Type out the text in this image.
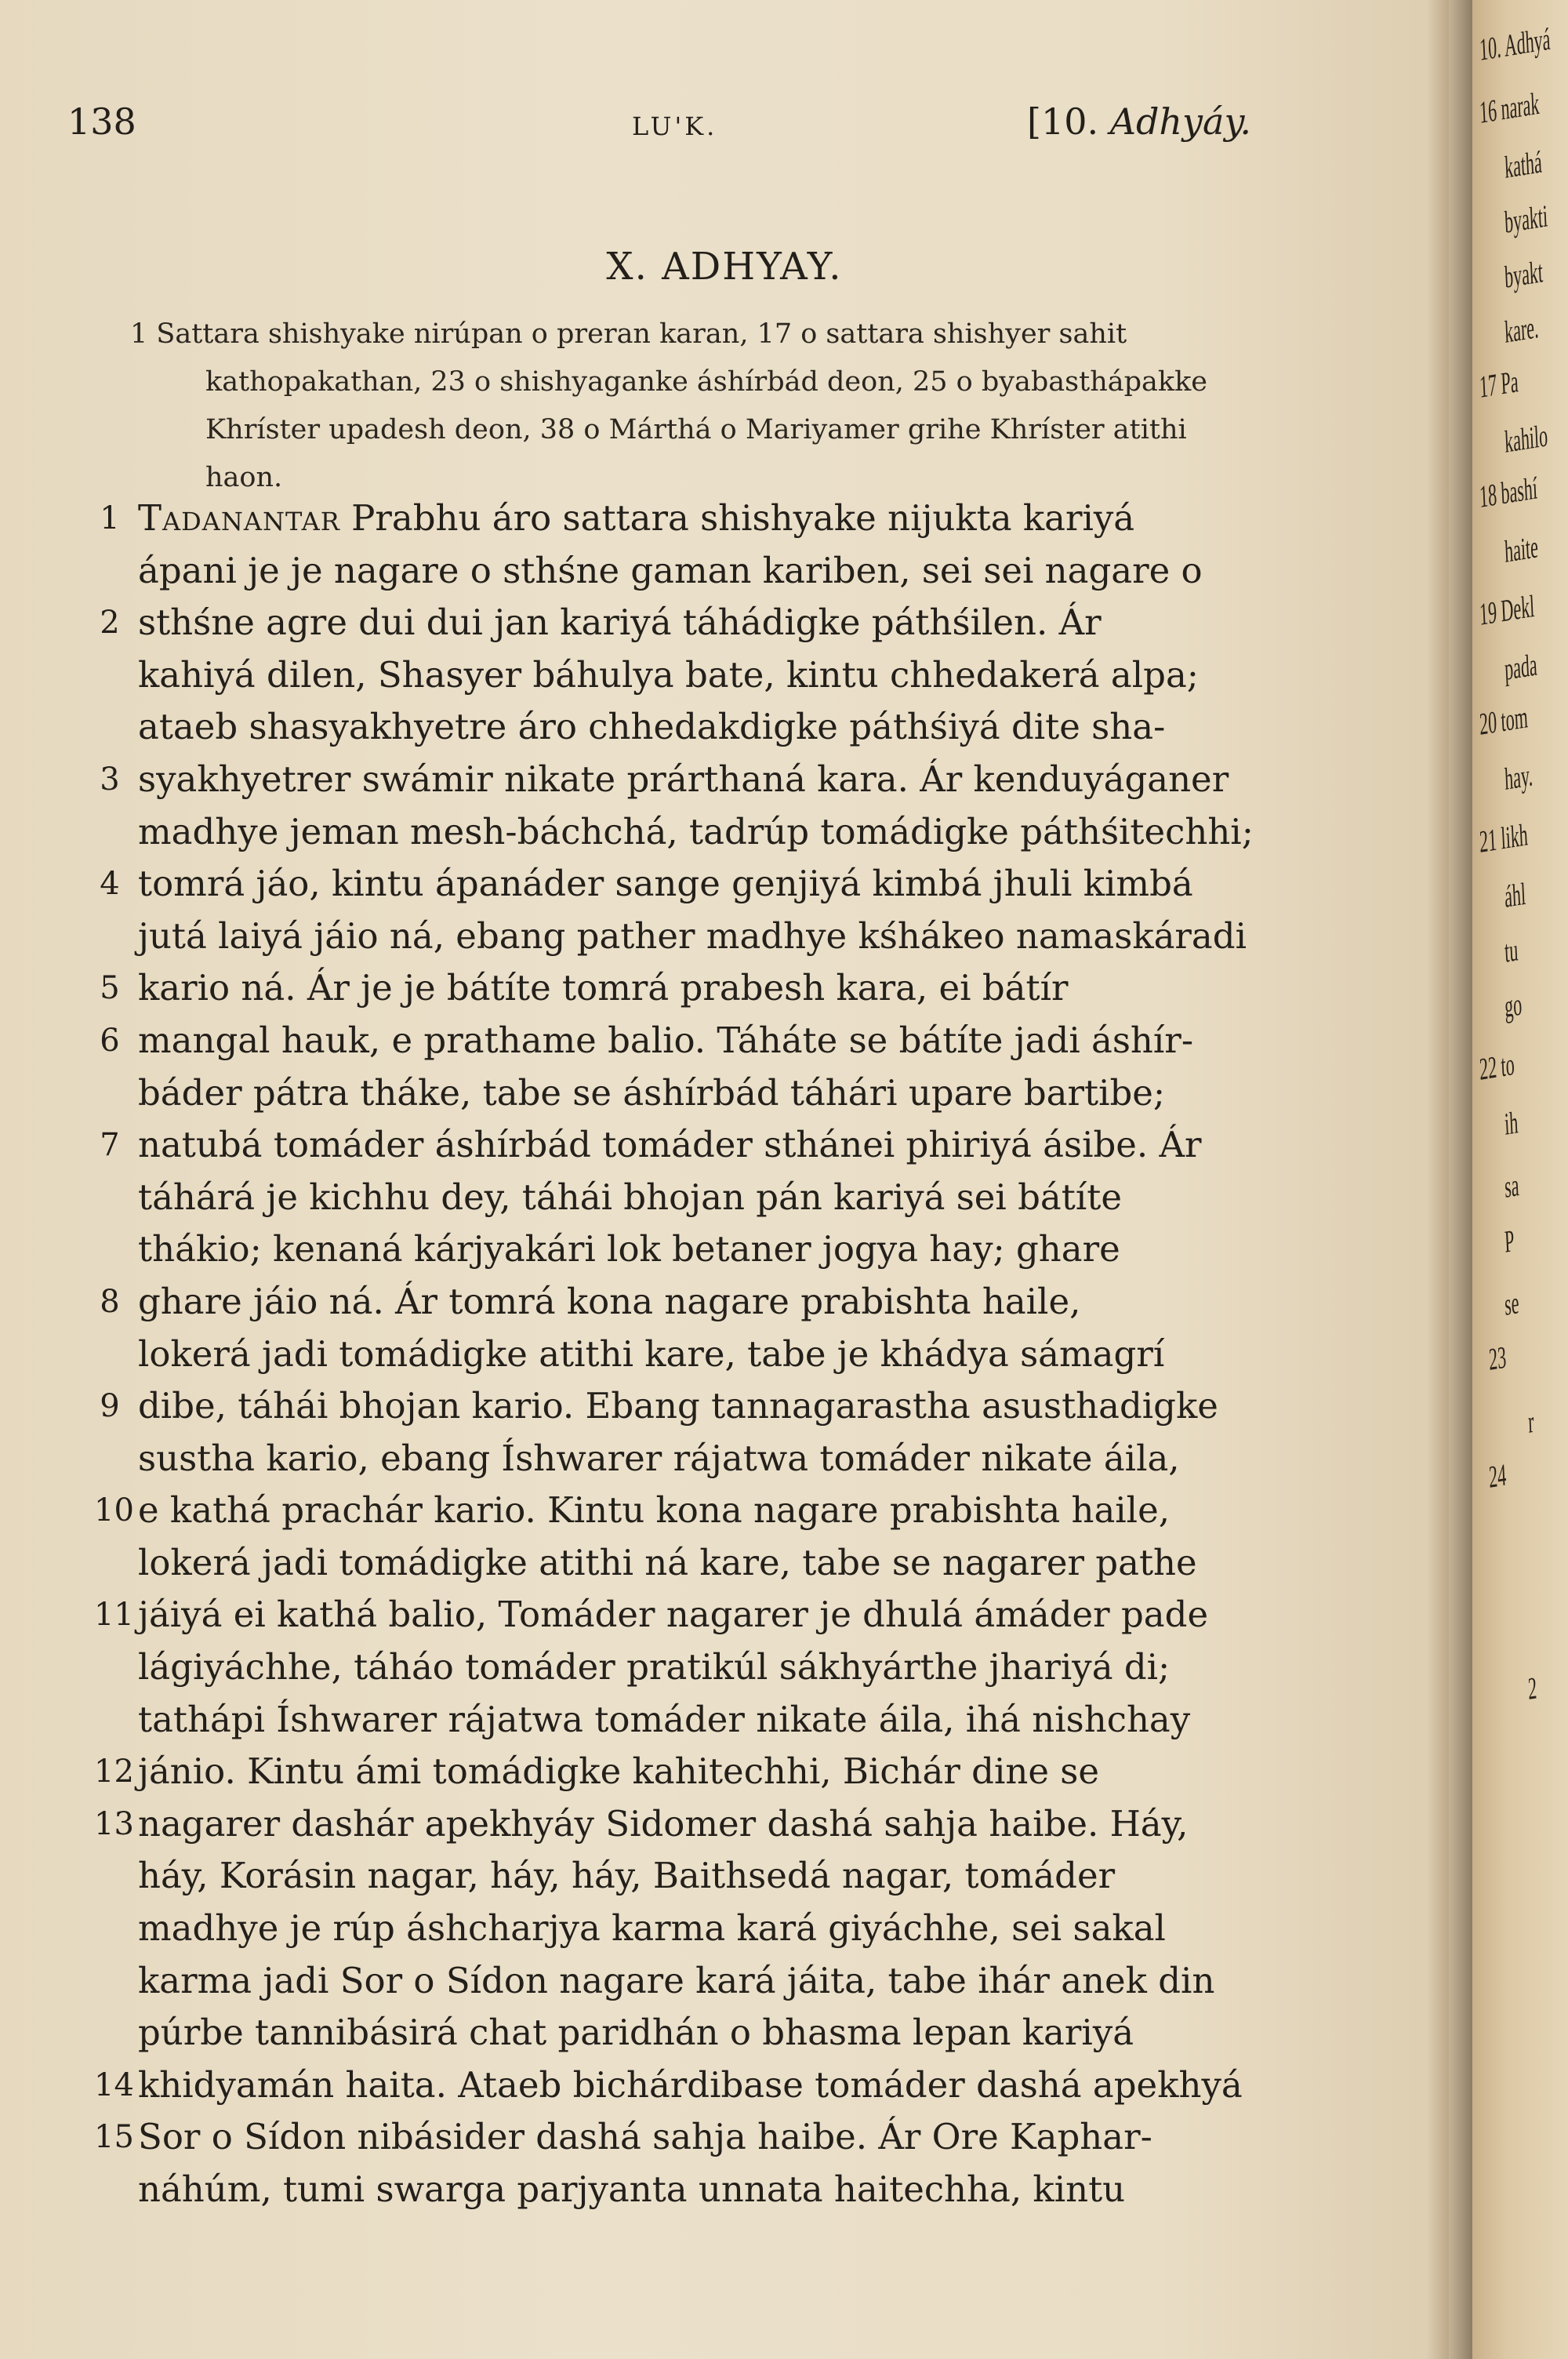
138	LU'K.	[10. Adhyáy.
X. ADHYAY.
1 Sattara shishyake nirúpan o preran karan, 17 o sattara shishyer sahit
kathopakathan, 23 o shishyaganke áshírbád deon, 25 o byabasthápakke
Khríster upadesh deon, 38 o Márthá o Mariyamer grihe Khríster atithi
haon.
1 Tadanantar Prabhu áro sattara shishyake nijukta kariyá
ápani je je nagare o sthśne gaman kariben, sei sei nagare o
2 sthśne agre dui dui jan kariyá táhádigke páthśilen. Ár
kahiyá dilen, Shasyer báhulya bate, kintu chhedakerá alpa;
ataeb shasyakhyetre áro chhedakdigke páthśiyá dite sha-
3 syakhyetrer swámir nikate prárthaná kara. Ár kenduyáganer
madhye jeman mesh-báchchá, tadrúp tomádigke páthśitechhi;
4 tomrá jáo, kintu ápanáder sange genjiyá kimbá jhuli kimbá
jutá laiyá jáio ná, ebang pather madhye kśhákeo namaskáradi
5 kario ná. Ár je je bátíte tomrá prabesh kara, ei bátír
6 mangal hauk, e prathame balio. Táháte se bátíte jadi áshír-
báder pátra tháke, tabe se áshírbád táhári upare bartibe;
7 natubá tomáder áshírbád tomáder sthánei phiriyá ásibe. Ár
táhárá je kichhu dey, táhái bhojan pán kariyá sei bátíte
thákio; kenaná kárjyakári lok betaner jogya hay; ghare
8 ghare jáio ná. Ár tomrá kona nagare prabishta haile,
lokerá jadi tomádigke atithi kare, tabe je khádya sámagrí
9 dibe, táhái bhojan kario. Ebang tannagarastha asusthadigke
sustha kario, ebang Íshwarer rájatwa tomáder nikate áila,
10 e kathá prachár kario. Kintu kona nagare prabishta haile,
lokerá jadi tomádigke atithi ná kare, tabe se nagarer pathe
11 jáiyá ei kathá balio, Tomáder nagarer je dhulá ámáder pade
lágiyáchhe, táháo tomáder pratikúl sákhyárthe jhariyá di;
tathápi Íshwarer rájatwa tomáder nikate áila, ihá nishchay
12 jánio. Kintu ámi tomádigke kahitechhi, Bichár dine se
13 nagarer dashár apekhyáy Sidomer dashá sahja haibe. Háy,
háy, Korásin nagar, háy, háy, Baithsedá nagar, tomáder
madhye je rúp áshcharjya karma kará giyáchhe, sei sakal
karma jadi Sor o Sídon nagare kará jáita, tabe ihár anek din
púrbe tannibásirá chat paridhán o bhasma lepan kariyá
14 khidyamán haita. Ataeb bichárdibase tomáder dashá apekhyá
15 Sor o Sídon nibásider dashá sahja haibe. Ár Ore Kaphar-
náhúm, tumi swarga parjyanta unnata haitechha, kintu
10. Adhyá
16 narak
kathá
byakti
byakt
kare.
17 Pa
kahilo
18 bashí
haite
19 Dekl
pada
20 tom
hay.
21 likh
áhl
tu
go
22 to
ih
sa
P
se
23
r
24
2
